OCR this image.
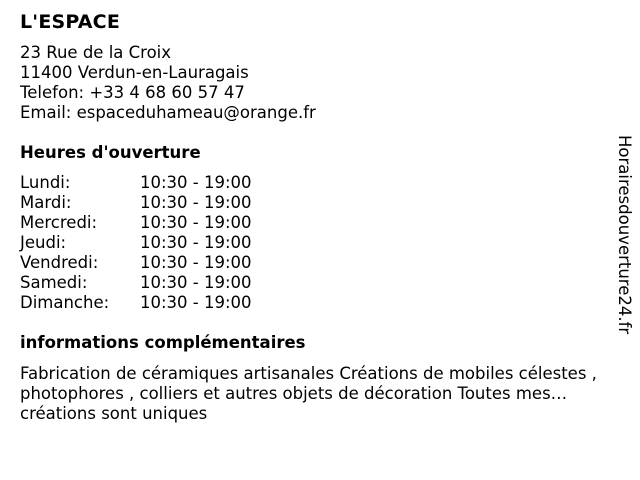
L'ESPACE
23 Rue de la Croix
11400 Verdun-en-Lauragais
Telefon: +33 4 68 60 57 47
Email: espaceduhameau@orange.fr
Heures d'ouverture
Lundi:	10:30 - 19:00
Mardi:	10:30 - 19:00
Mercredi:	10:30 - 19:00
Jeudi:	10:30 - 19:00
Vendredi:	10:30 - 19:00
Samedi:	10:30 - 19:00
Dimanche:	10:30 - 19:00
informations complémentaires
Fabrication de céramiques artisanales Créations de mobiles célestes , photophores , colliers et autres objets de décoration Toutes mes créations sont uniques
Horairesdouverture24.fr
